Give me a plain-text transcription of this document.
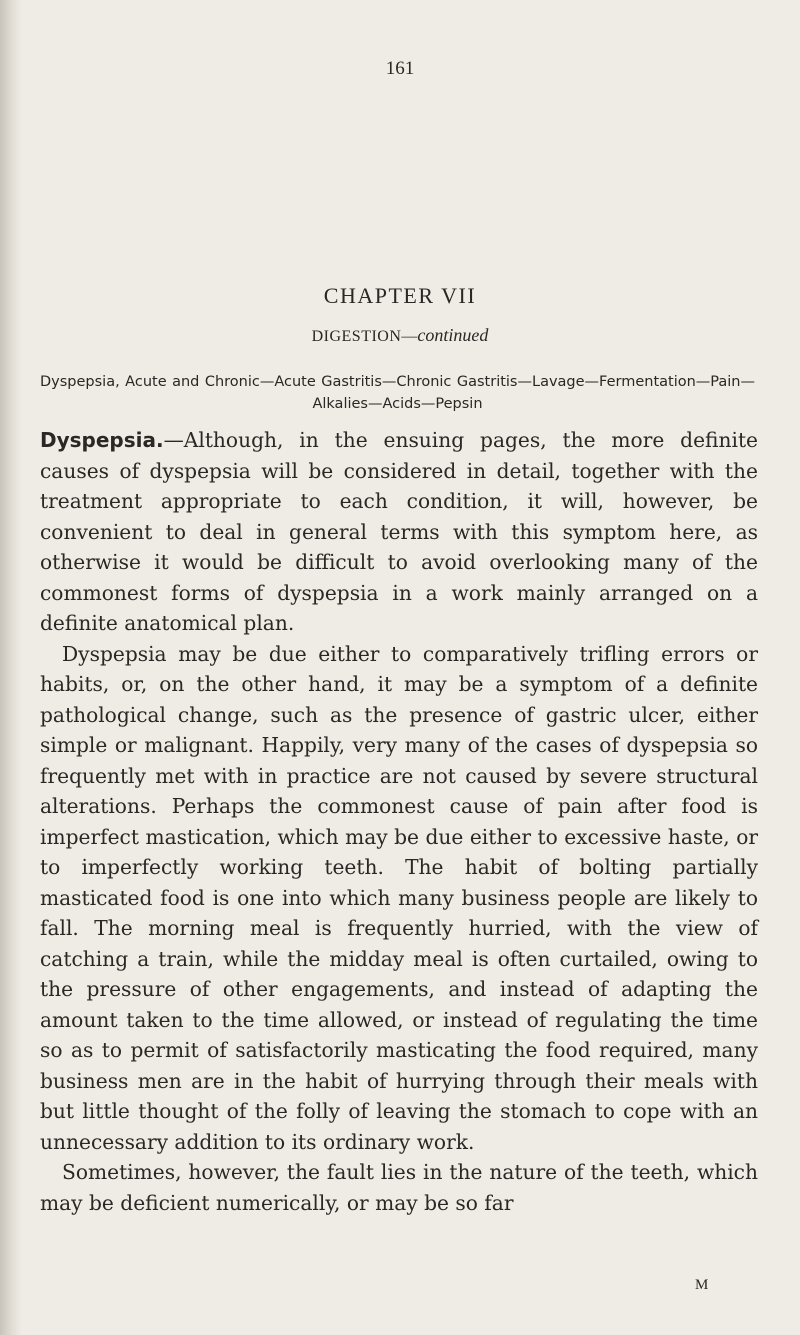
161
CHAPTER VII
DIGESTION—continued
Dyspepsia, Acute and Chronic—Acute Gastritis—Chronic Gastritis—Lavage—Fermentation—Pain—Alkalies—Acids—Pepsin

Dyspepsia.—Although, in the ensuing pages, the more definite causes of dyspepsia will be considered in detail, together with the treatment appropriate to each condition, it will, however, be convenient to deal in general terms with this symptom here, as otherwise it would be difficult to avoid overlooking many of the commonest forms of dyspepsia in a work mainly arranged on a definite anatomical plan.

Dyspepsia may be due either to comparatively trifling errors or habits, or, on the other hand, it may be a symptom of a definite pathological change, such as the presence of gastric ulcer, either simple or malignant. Happily, very many of the cases of dyspepsia so frequently met with in practice are not caused by severe structural alterations. Perhaps the commonest cause of pain after food is imperfect mastication, which may be due either to excessive haste, or to imperfectly working teeth. The habit of bolting partially masticated food is one into which many business people are likely to fall. The morning meal is frequently hurried, with the view of catching a train, while the midday meal is often curtailed, owing to the pressure of other engagements, and instead of adapting the amount taken to the time allowed, or instead of regulating the time so as to permit of satisfactorily masticating the food required, many business men are in the habit of hurrying through their meals with but little thought of the folly of leaving the stomach to cope with an unnecessary addition to its ordinary work.

Sometimes, however, the fault lies in the nature of the teeth, which may be deficient numerically, or may be so far

M
